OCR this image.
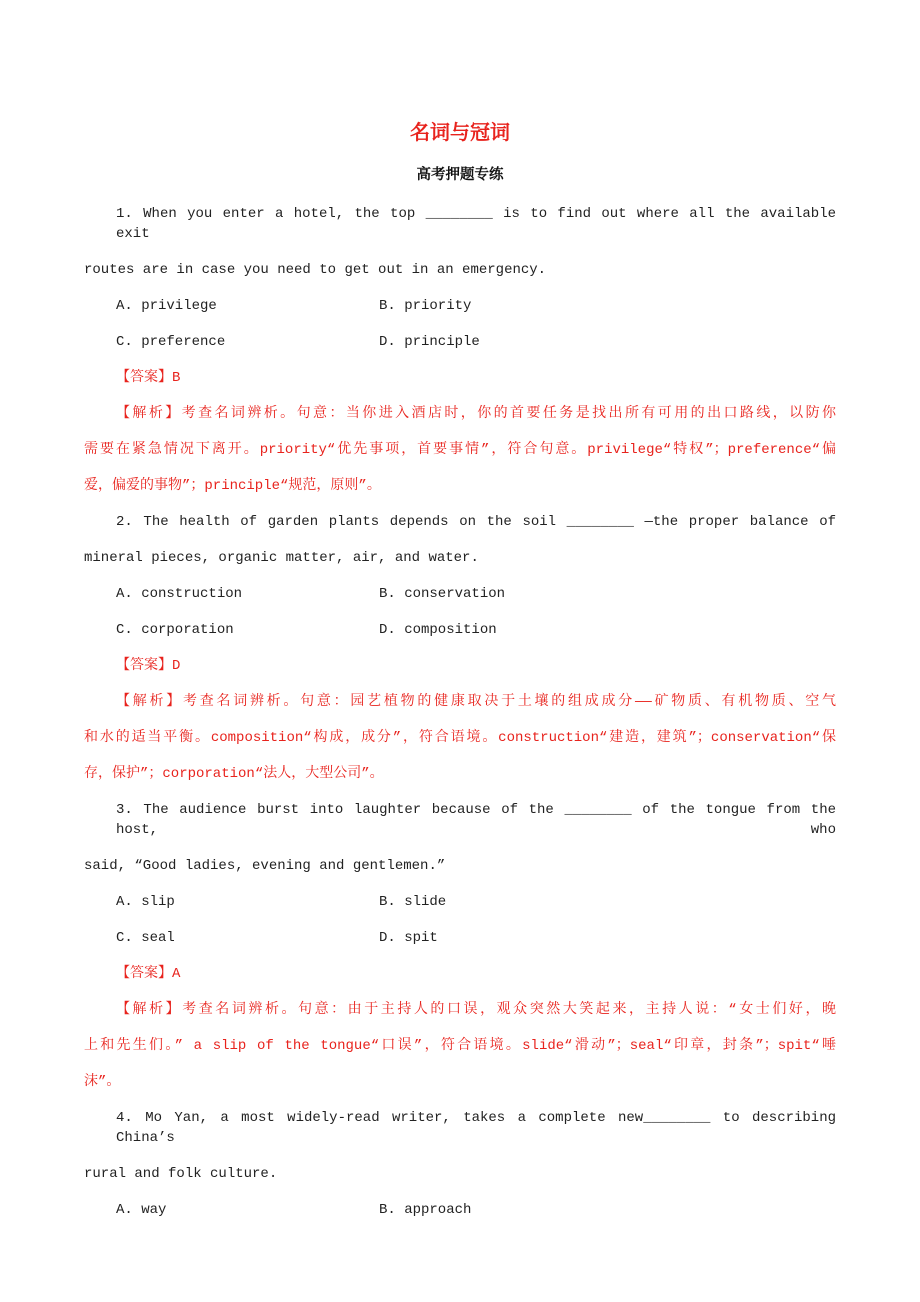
名词与冠词
高考押题专练
1. When you enter a hotel, the top ________ is to find out where all the available exit
routes are in case you need to get out in an emergency.
A. privilege	B. priority
C. preference	D. principle
【答案】B
【解析】考查名词辨析。句意：当你进入酒店时，你的首要任务是找出所有可用的出口路线，以防你
需要在紧急情况下离开。priority“优先事项，首要事情”，符合句意。privilege“特权”；preference“偏
爱，偏爱的事物”；principle“规范，原则”。
2. The health of garden plants depends on the soil ________ —the proper balance of
mineral pieces, organic matter, air, and water.
A. construction	B. conservation
C. corporation	D. composition
【答案】D
【解析】考查名词辨析。句意：园艺植物的健康取决于土壤的组成成分——矿物质、有机物质、空气
和水的适当平衡。composition“构成，成分”，符合语境。construction“建造，建筑”；conservation“保
存，保护”；corporation“法人，大型公司”。
3. The audience burst into laughter because of the ________ of the tongue from the host, who
said, “Good ladies, evening and gentlemen.”
A. slip	B. slide
C. seal	D. spit
【答案】A
【解析】考查名词辨析。句意：由于主持人的口误，观众突然大笑起来，主持人说：“女士们好，晚
上和先生们。” a slip of the tongue“口误”，符合语境。slide“滑动”；seal“印章，封条”；spit“唾
沫”。
4. Mo Yan, a most widely-read writer, takes a complete new________ to describing China’s
rural and folk culture.
A. way	B. approach
